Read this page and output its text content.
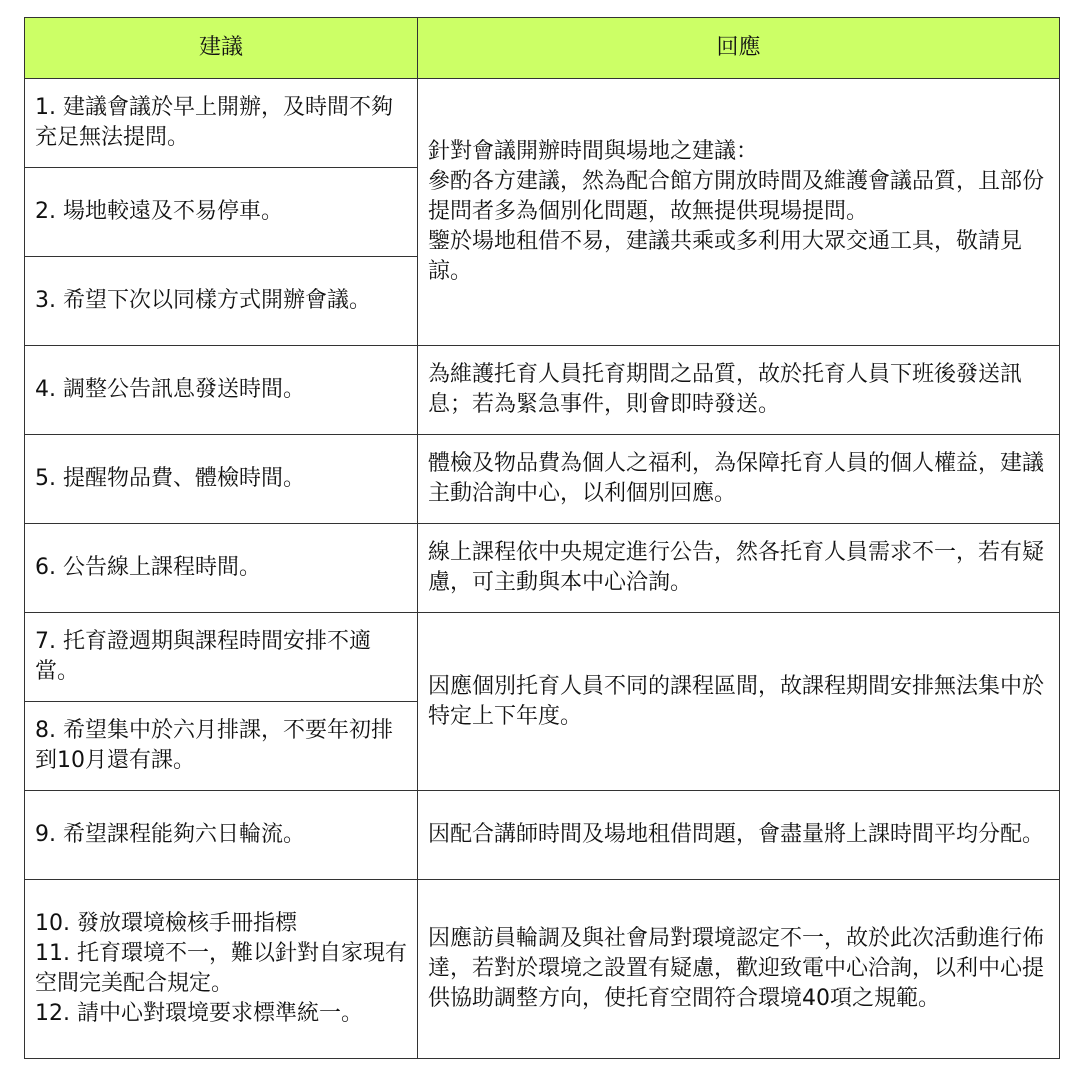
建議	回應
1. 建議會議於早上開辦，及時間不夠充足無法提問。	針對會議開辦時間與場地之建議：
參酌各方建議，然為配合館方開放時間及維護會議品質，且部份提問者多為個別化問題，故無提供現場提問。
鑒於場地租借不易，建議共乘或多利用大眾交通工具，敬請見諒。

2. 場地較遠及不易停車。	
3. 希望下次以同樣方式開辦會議。	
4. 調整公告訊息發送時間。	為維護托育人員托育期間之品質，故於托育人員下班後發送訊息；若為緊急事件，則會即時發送。
5. 提醒物品費、體檢時間。	體檢及物品費為個人之福利，為保障托育人員的個人權益，建議主動洽詢中心，以利個別回應。
6. 公告線上課程時間。	線上課程依中央規定進行公告，然各托育人員需求不一，若有疑慮，可主動與本中心洽詢。
7. 托育證週期與課程時間安排不適當。	因應個別托育人員不同的課程區間，故課程期間安排無法集中於特定上下年度。
8. 希望集中於六月排課，不要年初排到10月還有課。	
9. 希望課程能夠六日輪流。	因配合講師時間及場地租借問題，會盡量將上課時間平均分配。

10. 發放環境檢核手冊指標
11. 托育環境不一，難以針對自家現有空間完美配合規定。
12. 請中心對環境要求標準統一。	因應訪員輪調及與社會局對環境認定不一，故於此次活動進行佈達，若對於環境之設置有疑慮，歡迎致電中心洽詢，以利中心提供協助調整方向，使托育空間符合環境40項之規範。
